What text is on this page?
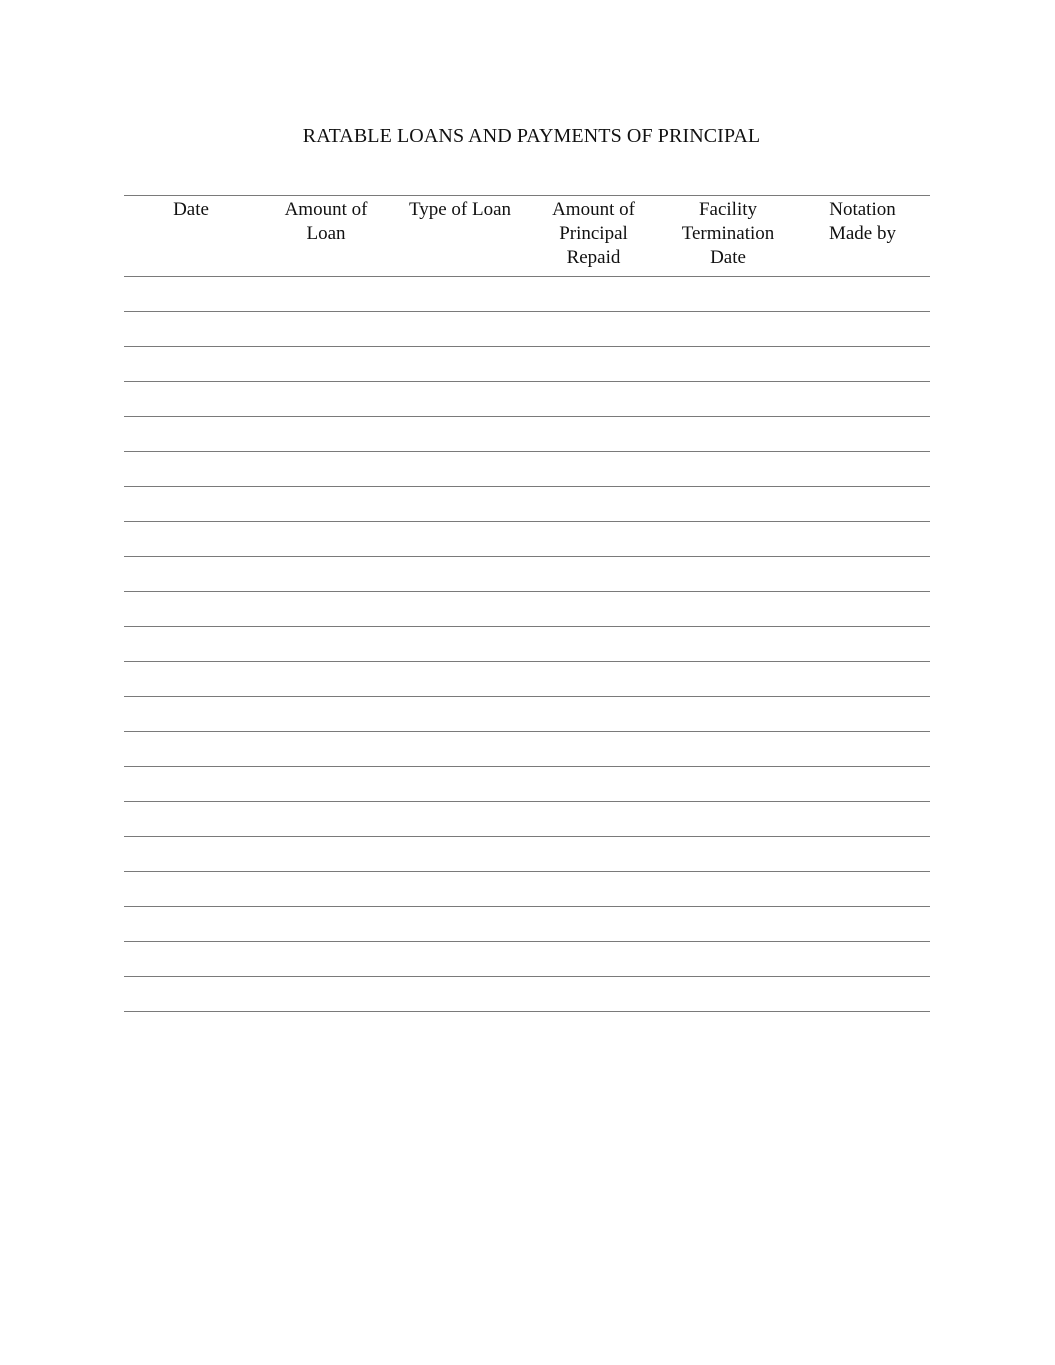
RATABLE LOANS AND PAYMENTS OF PRINCIPAL
Date	Amount of
Loan
Type of Loan	Amount of
Principal
Repaid
Facility
Termination
Date
Notation
Made by
